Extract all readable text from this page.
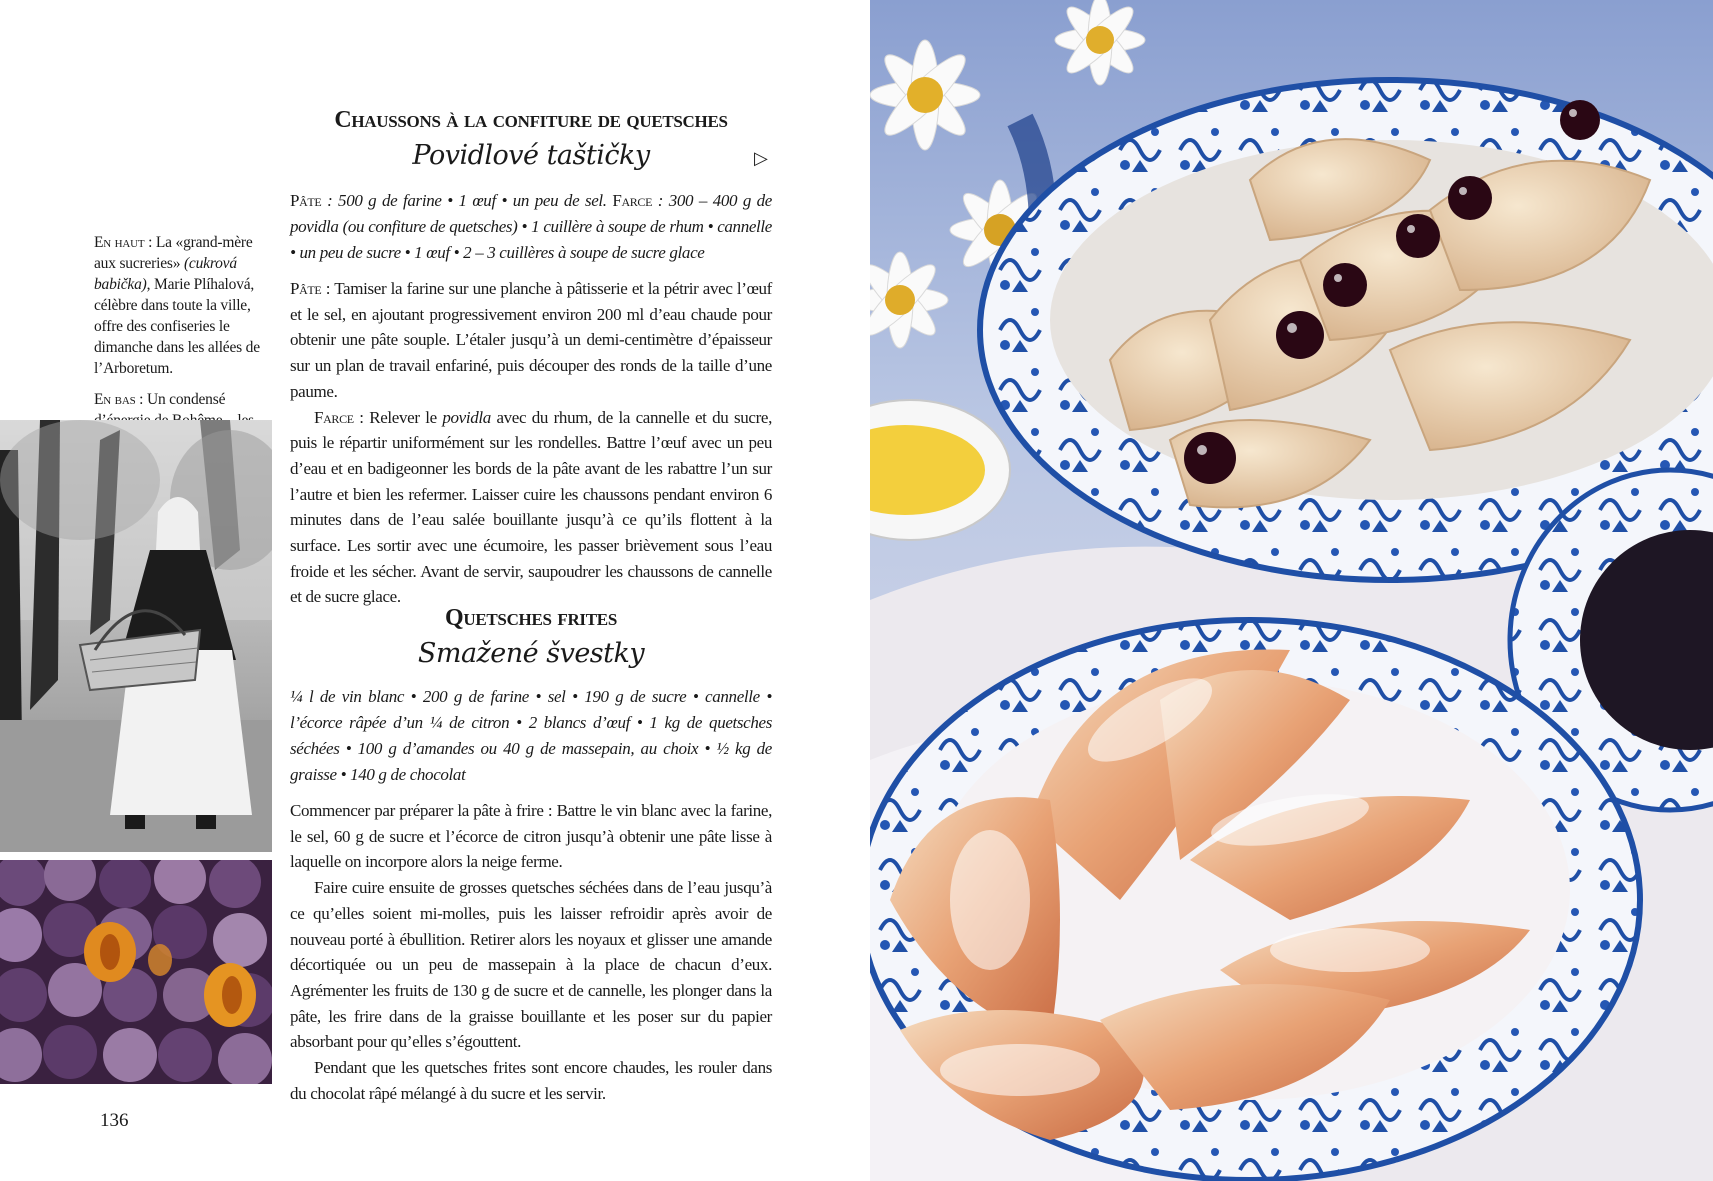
En haut : La «grand-mère aux sucreries» (cukrová babička), Marie Plíhalová, célèbre dans toute la ville, offre des confiseries le dimanche dans les allées de l’Arboretum.

En bas : Un condensé

Chaussons à la confiture de quetsches
Povidlové taštičky

Pâte : 500 g de farine • 1 œuf • un peu de sel. Farce : 300 – 400 g de povidla (ou confiture de quetsches) • 1 cuillère à soupe de rhum • cannelle • un peu de sucre • 1 œuf • 2 – 3 cuillères à soupe de sucre glace

Pâte : Tamiser la farine sur une planche à pâtisserie et la pétrir avec l’œuf et le sel, en ajoutant progressivement environ 200 ml d’eau chaude pour obtenir une pâte souple. L’étaler jusqu’à un demi-centimètre d’épaisseur sur un plan de travail enfariné, puis découper des ronds de la taille d’une paume.

Farce : Relever le povidla avec du rhum, de la cannelle et du sucre, puis le répartir uniformément sur les rondelles. Battre l’œuf avec un peu d’eau et en badigeonner les bords de la pâte avant de les rabattre l’un sur l’autre et bien les refermer. Laisser cuire les chaussons pendant environ 6 minutes dans de l’eau salée bouillante jusqu’à ce qu’ils flottent à la surface. Les sortir avec une écumoire, les passer brièvement sous l’eau froide et les sécher. Avant de servir, saupoudrer les chaussons de cannelle et de sucre glace.

▷
Quetsches frites
Smažené švestky

¼ l de vin blanc • 200 g de farine • sel • 190 g de sucre • cannelle • l’écorce râpée d’un ¼ de citron • 2 blancs d’œuf • 1 kg de quetsches séchées • 100 g d’amandes ou 40 g de massepain, au choix • ½ kg de graisse • 140 g de chocolat

Commencer par préparer la pâte à frire : Battre le vin blanc avec la farine, le sel, 60 g de sucre et l’écorce de citron jusqu’à obtenir une pâte lisse à laquelle on incorpore alors la neige ferme.

Faire cuire ensuite de grosses quetsches séchées dans de l’eau jusqu’à ce qu’elles soient mi-molles, puis les laisser refroidir après avoir de nouveau porté à ébullition. Retirer alors les noyaux et glisser une amande décortiquée ou un peu de massepain à la place de chacun d’eux. Agrémenter les fruits de 130 g de sucre et de cannelle, les plonger dans la pâte, les frire dans de la graisse bouillante et les poser sur du papier absorbant pour qu’elles s’égouttent.

Pendant que les quetsches frites sont encore chaudes, les rouler dans du chocolat râpé mélangé à du sucre et les servir.

136
